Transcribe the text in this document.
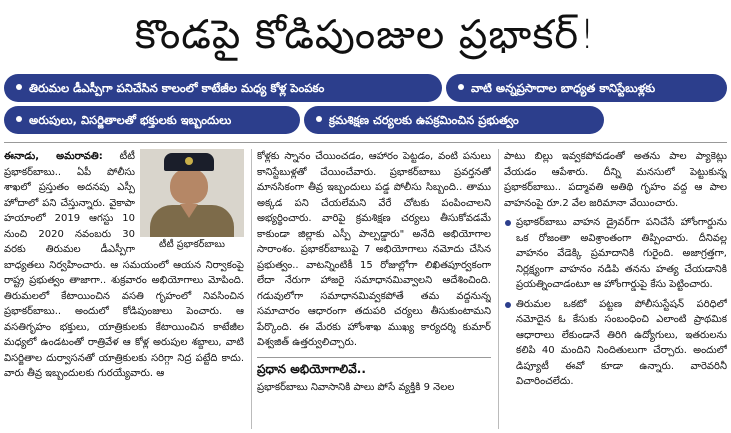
కొండపై కోడిపుంజుల ప్రభాకర్!
తిరుమల డీఎస్పీగా పనిచేసిన కాలంలో కాటేజీల మధ్య కోళ్ల పెంపకం	వాటి అన్నప్రసాదాల బాధ్యత కానిస్టేబుళ్లకు
అరుపులు, విసర్జితాలతో భక్తులకు ఇబ్బందులు	క్రమశిక్షణ చర్యలకు ఉపక్రమించిన ప్రభుత్వం
టీటీ ప్రభాకర్‌బాబు
ఈనాడు, అమరావతి: టీటీ ప్రభాకర్‌బాబు.. ఏపీ పోలీసు శాఖలో ప్రస్తుతం అదనపు ఎస్పీ హోదాలో పని చేస్తున్నారు. వైకాపా హయాంలో 2019 ఆగస్టు 10 నుంచి 2020 నవంబరు 30 వరకు తిరుమల డీఎస్పీగా బాధ్యతలు నిర్వహించారు. ఆ సమయంలో ఆయన నిర్వాకంపై రాష్ట్ర ప్రభుత్వం తాజాగా.. శుక్రవారం అభియోగాలు మోపింది. తిరుమలలో కేటాయించిన వసతి గృహంలో నివసించిన ప్రభాకర్‌బాబు.. అందులో కోడిపుంజులు పెంచారు. ఆ వసతిగృహం భక్తులు, యాత్రికులకు కేటాయించిన కాటేజీల మధ్యలో ఉండటంతో రాత్రివేళ ఆ కోళ్ల అరుపుల శబ్దాలు, వాటి విసర్జితాల దుర్వాసనతో యాత్రికులకు సరిగ్గా నిద్ర పట్టేది కాదు. వారు తీవ్ర ఇబ్బందులకు గురయ్యేవారు. ఆ
కోళ్లకు స్నానం చేయించడం, ఆహారం పెట్టడం, వంటి పనులు కానిస్టేబుళ్లతో చేయించేవారు. ప్రభాకర్‌బాబు ప్రవర్తనతో మానసికంగా తీవ్ర ఇబ్బందులు పడ్డ పోలీసు సిబ్బంది.. తాము అక్కడ పని చేయలేమని వేరే చోటకు పంపించాలని అభ్యర్థించారు. వారిపై క్రమశిక్షణ చర్యలు తీసుకోవడమే కాకుండా జిల్లాకు ఎస్పీ పాల్పడ్డారు" అనేది అభియోగాల సారాంశం. ప్రభాకర్‌బాబుపై 7 అభియోగాలు నమోదు చేసిన ప్రభుత్వం.. వాటన్నింటికీ 15 రోజుల్లోగా లిఖితపూర్వకంగా లేదా నేరుగా హాజరై సమాధానమివ్వాలని ఆదేశించింది. గడువులోగా సమాధానమివ్వకపోతే తమ వద్దనున్న సమాచారం ఆధారంగా తదుపరి చర్యలు తీసుకుంటామని పేర్కొంది. ఈ మేరకు హోంశాఖ ముఖ్య కార్యదర్శి కుమార్ విశ్వజిత్ ఉత్తర్వులిచ్చారు.
ప్రధాన అభియోగాలివే..
ప్రభాకర్‌బాబు నివాసానికి పాలు పోసే వ్యక్తికి 9 నెలల
పాటు బిల్లు ఇవ్వకపోవడంతో అతను పాల ప్యాకెట్లు వేయడం ఆపేశారు. దీన్ని మనసులో పెట్టుకున్న ప్రభాకర్‌బాబు.. పద్మావతి అతిథి గృహం వద్ద ఆ పాల వాహనంపై రూ.2 వేల జరిమానా వేయించారు.
ప్రభాకర్‌బాబు వాహన డ్రైవర్‌గా పనిచేసే హోంగార్డును ఒక రోజంతా అవిశ్రాంతంగా తిప్పించారు. దీనివల్ల వాహనం వేడెక్కి ప్రమాదానికి గురైంది. అజాగ్రత్తగా, నిర్లక్ష్యంగా వాహనం నడిపి తనను హత్య చేయడానికి ప్రయత్నించాడంటూ ఆ హోంగార్డుపై కేసు పెట్టించారు.
తిరుమల ఒకటో పట్టణ పోలీసుస్టేషన్‌ పరిధిలో నమోదైన ఓ కేసుకు సంబంధించి ఎలాంటి ప్రాథమిక ఆధారాలు లేకుండానే తిరిగి ఉద్యోగులు, ఇతరులను కలిపి 40 మందిని నిందితులుగా చేర్చారు. అందులో డిప్యూటీ ఈవో కూడా ఉన్నారు. వారెవరినీ విచారించలేదు.
